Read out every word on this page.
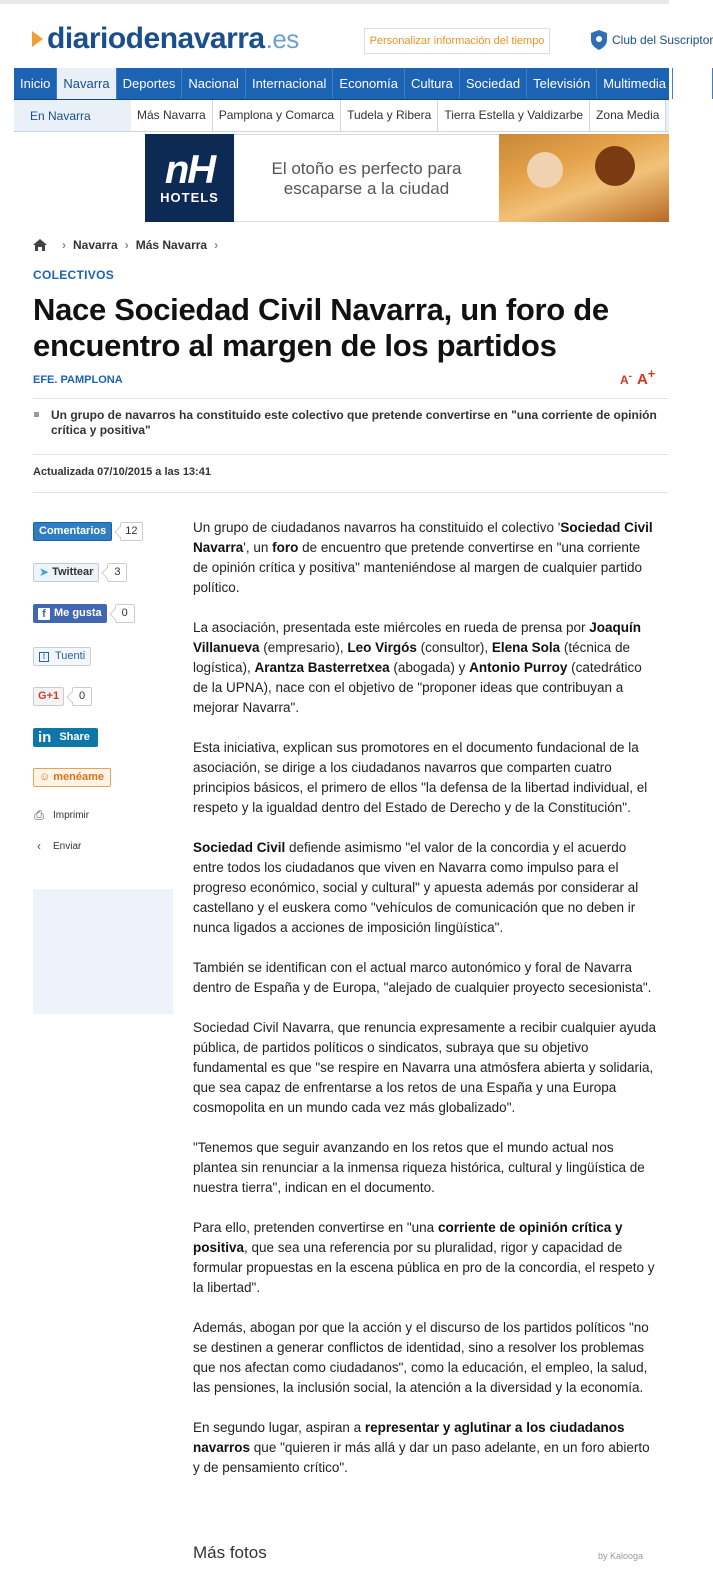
diariodenavarra .es	Personalizar información del tiempo	Club del Suscriptor
Inicio	Navarra	Deportes	Nacional	Internacional	Economía	Cultura	Sociedad	Televisión	Multimedia	Ocio
En Navarra	Más Navarra	Pamplona y Comarca	Tudela y Ribera	Tierra Estella y Valdizarbe	Zona Media
nH
HOTELS
El otoño es perfecto para escaparse a la ciudad
› Navarra › Más Navarra ›
COLECTIVOS
Nace Sociedad Civil Navarra, un foro de encuentro al margen de los partidos
EFE. PAMPLONA	A- A+
Un grupo de navarros ha constituido este colectivo que pretende convertirse en "una corriente de opinión crítica y positiva"
Actualizada 07/10/2015 a las 13:41
Comentarios	12
➤ Twittear	3
f Me gusta	0
t Tuenti
G+1	0
in Share
☺ menéame
⎙ Imprimir
‹	Enviar

Un grupo de ciudadanos navarros ha constituido el colectivo 'Sociedad Civil Navarra', un foro de encuentro que pretende convertirse en "una corriente de opinión crítica y positiva" manteniéndose al margen de cualquier partido político.

La asociación, presentada este miércoles en rueda de prensa por Joaquín Villanueva (empresario), Leo Virgós (consultor), Elena Sola (técnica de logística), Arantza Basterretxea (abogada) y Antonio Purroy (catedrático de la UPNA), nace con el objetivo de "proponer ideas que contribuyan a mejorar Navarra".

Esta iniciativa, explican sus promotores en el documento fundacional de la asociación, se dirige a los ciudadanos navarros que comparten cuatro principios básicos, el primero de ellos "la defensa de la libertad individual, el respeto y la igualdad dentro del Estado de Derecho y de la Constitución".

Sociedad Civil defiende asimismo "el valor de la concordia y el acuerdo entre todos los ciudadanos que viven en Navarra como impulso para el progreso económico, social y cultural" y apuesta además por considerar al castellano y el euskera como "vehículos de comunicación que no deben ir nunca ligados a acciones de imposición lingüística".

También se identifican con el actual marco autonómico y foral de Navarra dentro de España y de Europa, "alejado de cualquier proyecto secesionista".

Sociedad Civil Navarra, que renuncia expresamente a recibir cualquier ayuda pública, de partidos políticos o sindicatos, subraya que su objetivo fundamental es que "se respire en Navarra una atmósfera abierta y solidaria, que sea capaz de enfrentarse a los retos de una España y una Europa cosmopolita en un mundo cada vez más globalizado".

"Tenemos que seguir avanzando en los retos que el mundo actual nos plantea sin renunciar a la inmensa riqueza histórica, cultural y lingüística de nuestra tierra", indican en el documento.

Para ello, pretenden convertirse en "una corriente de opinión crítica y positiva, que sea una referencia por su pluralidad, rigor y capacidad de formular propuestas en la escena pública en pro de la concordia, el respeto y la libertad".

Además, abogan por que la acción y el discurso de los partidos políticos "no se destinen a generar conflictos de identidad, sino a resolver los problemas que nos afectan como ciudadanos", como la educación, el empleo, la salud, las pensiones, la inclusión social, la atención a la diversidad y la economía.

En segundo lugar, aspiran a representar y aglutinar a los ciudadanos navarros que "quieren ir más allá y dar un paso adelante, en un foro abierto y de pensamiento crítico".

Más fotos	by Kalooga
